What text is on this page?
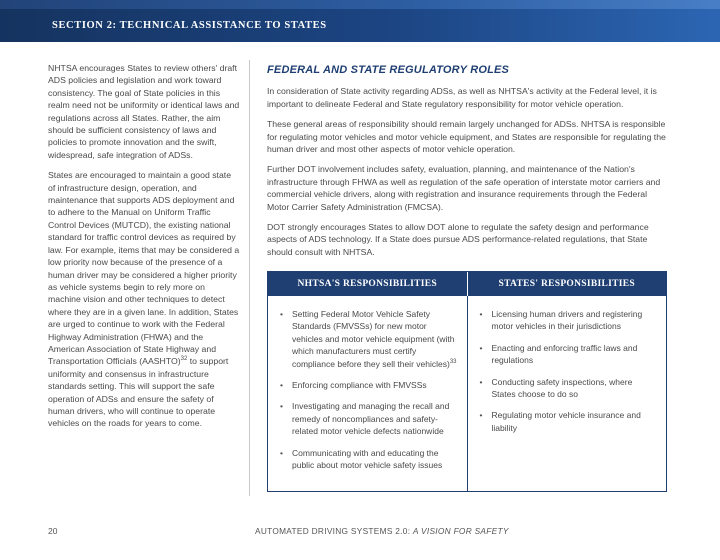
SECTION 2: TECHNICAL ASSISTANCE TO STATES

NHTSA encourages States to review others' draft ADS policies and legislation and work toward consistency. The goal of State policies in this realm need not be uniformity or identical laws and regulations across all States. Rather, the aim should be sufficient consistency of laws and policies to promote innovation and the swift, widespread, safe integration of ADSs.

States are encouraged to maintain a good state of infrastructure design, operation, and maintenance that supports ADS deployment and to adhere to the Manual on Uniform Traffic Control Devices (MUTCD), the existing national standard for traffic control devices as required by law. For example, items that may be considered a low priority now because of the presence of a human driver may be considered a higher priority as vehicle systems begin to rely more on machine vision and other techniques to detect where they are in a given lane. In addition, States are urged to continue to work with the Federal Highway Administration (FHWA) and the American Association of State Highway and Transportation Officials (AASHTO)$^{32}$ to support uniformity and consensus in infrastructure standards setting. This will support the safe operation of ADSs and ensure the safety of human drivers, who will continue to operate vehicles on the roads for years to come.

FEDERAL AND STATE REGULATORY ROLES

In consideration of State activity regarding ADSs, as well as NHTSA's activity at the Federal level, it is important to delineate Federal and State regulatory responsibility for motor vehicle operation.

These general areas of responsibility should remain largely unchanged for ADSs. NHTSA is responsible for regulating motor vehicles and motor vehicle equipment, and States are responsible for regulating the human driver and most other aspects of motor vehicle operation.

Further DOT involvement includes safety, evaluation, planning, and maintenance of the Nation's infrastructure through FHWA as well as regulation of the safe operation of interstate motor carriers and commercial vehicle drivers, along with registration and insurance requirements through the Federal Motor Carrier Safety Administration (FMCSA).

DOT strongly encourages States to allow DOT alone to regulate the safety design and performance aspects of ADS technology. If a State does pursue ADS performance-related regulations, that State should consult with NHTSA.

NHTSA'S RESPONSIBILITIES	STATES' RESPONSIBILITIES
• Setting Federal Motor Vehicle Safety Standards (FMVSSs) for new motor vehicles and motor vehicle equipment (with which manufacturers must certify compliance before they sell their vehicles)$^{33}$
• Enforcing compliance with FMVSSs
• Investigating and managing the recall and remedy of noncompliances and safety-related motor vehicle defects nationwide
• Communicating with and educating the public about motor vehicle safety issues
• Licensing human drivers and registering motor vehicles in their jurisdictions
• Enacting and enforcing traffic laws and regulations
• Conducting safety inspections, where States choose to do so
• Regulating motor vehicle insurance and liability
20	AUTOMATED DRIVING SYSTEMS 2.0: A VISION FOR SAFETY
